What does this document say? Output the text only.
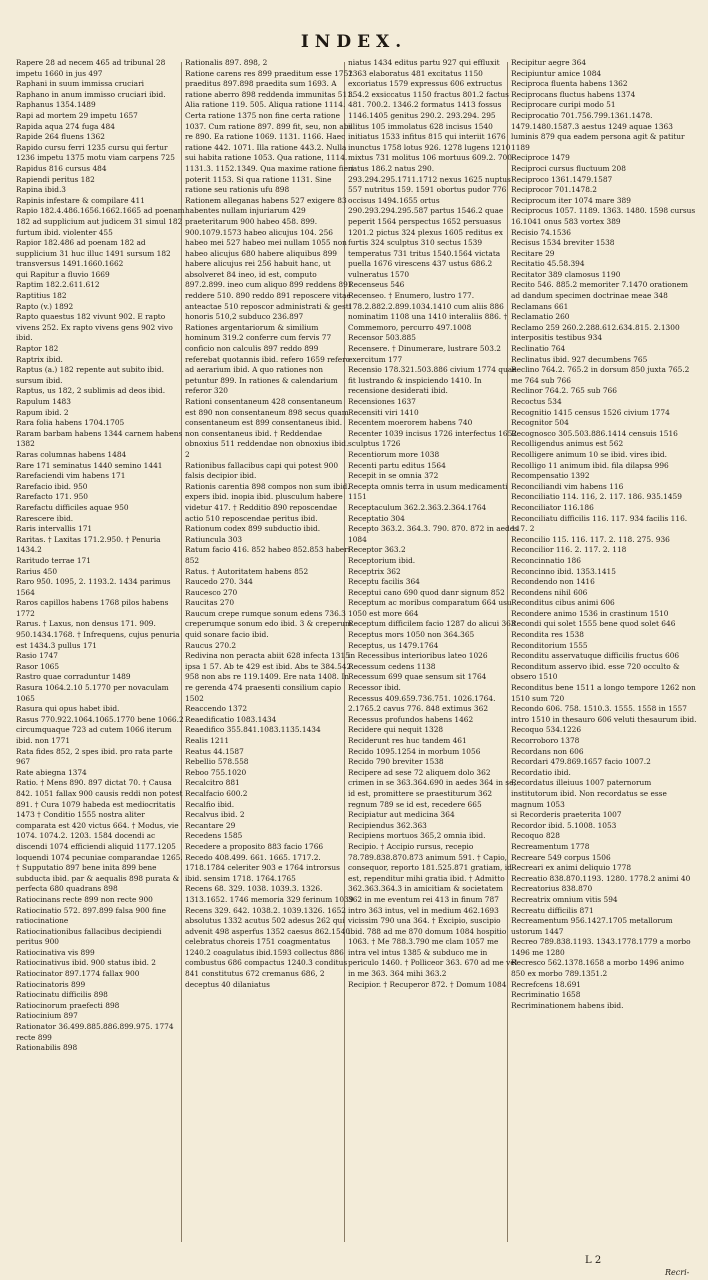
INDEX.

Rapere 28 ad necem 465 ad tribunal 28 impetu 1660 in jus 497

Raphani in suum immissa cruciari

Raphano in anum immisso cruciari ibid.

Raphanus 1354.1489

Rapi ad mortem 29 impetu 1657

Rapida aqua 274 fuga 484

Rapide 264 fluens 1362

Rapido cursu ferri 1235 cursu qui fertur 1236 impetu 1375 motu viam carpens 725

Rapidus 816 cursus 484

Rapiendi peritus 182

Rapina ibid.3

Rapinis infestare & compilare 411

Rapio 182.4.486.1656.1662.1665 ad poenam 182 ad supplicium aut judicem 31 simul 182 furtum ibid. violenter 455

Rapior 182.486 ad poenam 182 ad supplicium 31 huc illuc 1491 sursum 182 transversus 1491.1660.1662

qui Rapitur a fluvio 1669

Raptim 182.2.611.612

Raptitius 182

Rapto (v.) 1892

Rapto quaestus 182 vivunt 902. E rapto vivens 252. Ex rapto vivens gens 902 vivo ibid.

Raptor 182

Raptrix ibid.

Raptus (a.) 182 repente aut subito ibid. sursum ibid.

Raptus, us 182, 2 sublimis ad deos ibid.

Rapulum 1483

Rapum ibid. 2

Rara folia habens 1704.1705

Raram barbam habens 1344 carnem habens 1382

Raras columnas habens 1484

Rare 171 seminatus 1440 semino 1441

Rarefaciendi vim habens 171

Rarefacio ibid. 950

Rarefacto 171. 950

Rarefactu difficiles aquae 950

Rarescere ibid.

Raris intervallis 171

Raritas. † Laxitas 171.2.950. † Penuria 1434.2

Raritudo terrae 171

Rarius 450

Raro 950. 1095, 2. 1193.2. 1434 parimus 1564

Raros capillos habens 1768 pilos habens 1772

Rarus. † Laxus, non densus 171. 909. 950.1434.1768. † Infrequens, cujus penuria est 1434.3 pullus 171

Rasio 1747

Rasor 1065

Rastro quae corraduntur 1489

Rasura 1064.2.10 5.1770 per novaculam 1065

Rasura qui opus habet ibid.

Rasus 770.922.1064.1065.1770 bene 1066.2 circumquaque 723 ad cutem 1066 iterum ibid. non 1771

Rata fides 852, 2 spes ibid. pro rata parte 967

Rate abiegna 1374

Ratio. † Mens 890. 897 dictat 70. † Causa 842. 1051 fallax 900 causis reddi non potest 891. † Cura 1079 habeda est mediocritatis 1473 † Conditio 1555 nostra aliter comparata est 420 victus 664. † Modus, vie 1074. 1074.2. 1203. 1584 docendi ac discendi 1074 efficiendi aliquid 1177.1205 loquendi 1074 pecuniae comparandae 1265. † Supputatio 897 bene inita 899 bene subducta ibid. par & aequalis 898 purata & perfecta 680 quadrans 898

Ratiocinans recte 899 non recte 900

Ratiocinatio 572. 897.899 falsa 900 fine ratiocinatione

Ratiocinationibus fallacibus decipiendi peritus 900

Ratiocinativa vis 899

Ratiocinativus ibid. 900 status ibid. 2

Ratiocinator 897.1774 fallax 900

Ratiocinatoris 899

Ratiocinatu difficilis 898

Ratiocinorum praefecti 898

Ratiocinium 897

Rationator 36.499.885.886.899.975. 1774 recte 899

Rationabilis 898

Rationalis 897. 898, 2

Ratione carens res 899 praeditum esse 1752 praeditus 897.898 praedita sum 1693. A ratione aberro 898 reddenda immunitas 511. Alia ratione 119. 505. Aliqua ratione 1114. Certa ratione 1375 non fine certa ratione 1037. Cum ratione 897. 899 fit, seu, non abs re 890. Ea ratione 1069. 1131. 1166. Haec ratione 442. 1071. Illa ratione 443.2. Nulla sui habita ratione 1053. Qua ratione, 1114. 1131.3. 1152.1349. Qua maxime ratione fieri poterit 1153. Si qua ratione 1131. Sine ratione seu rationis ufu 898

Rationem alleganas habens 527 exigere 83 habentes nullam injuriarum 429 praeteritarum 900 habeo 458. 899. 900.1079.1573 habeo alicujus 104. 256 habeo mei 527 habeo mei nullam 1055 non habeo alicujus 680 habere aliquibus 899 habere alicujus rei 256 habuit hanc, ut absolveret 84 ineo, id est, computo 897.2.899. ineo cum aliquo 899 reddens 891 reddere 510. 890 reddo 891 reposcere vitae anteactae 510 reposcor administrati & gesti honoris 510,2 subduco 236.897

Rationes argentariorum & similium hominum 319.2 conferre cum fervis 77 conficio non calculis 897 reddo 899 referebat quotannis ibid. refero 1659 refero ad aerarium ibid. A quo rationes non petuntur 899. In rationes & calendarium referor 320

Rationi consentaneum 428 consentaneum est 890 non consentaneum 898 secus quam consentaneum est 899 consentaneus ibid. non consentaneus ibid. † Reddendae obnoxius 511 reddendae non obnoxius ibid. 2

Rationibus fallacibus capi qui potest 900 falsis decipior ibid.

Rationis carentia 898 compos non sum ibid. expers ibid. inopia ibid. plusculum habere videtur 417. † Redditio 890 reposcendae actio 510 reposcendae peritus ibid.

Rationum codex 899 subductio ibid.

Ratiuncula 303

Ratum facio 416. 852 habeo 852.853 haberi 852

Ratus. † Autoritatem habens 852

Raucedo 270. 344

Raucesco 270

Raucitas 270

Raucum crepe rumque sonum edens 736.3 creperumque sonum edo ibid. 3 & creperum quid sonare facio ibid.

Raucus 270.2

Redivina non peracta abiit 628 infecta 1315 ipsa 1 57. Ab te 429 est ibid. Abs te 384.542. 958 non abs re 119.1409. Ere nata 1408. In re gerenda 474 praesenti consilium capio 1502

Reaccendo 1372

Reaedificatio 1083.1434

Reaedifico 355.841.1083.1135.1434

Realis 1211

Reatus 44.1587

Rebellio 578.558

Reboo 755.1020

Recalcitro 881

Recalfacio 600.2

Recalfio ibid.

Recalvus ibid. 2

Recantare 29

Recedens 1585

Recedere a proposito 883 facio 1766

Recedo 408.499. 661. 1665. 1717.2. 1718.1784 celeriter 903 e 1764 introrsus ibid. sensim 1718. 1764.1765

Recens 68. 329. 1038. 1039.3. 1326. 1313.1652. 1746 memoria 329 ferinum 1039

Recens 329. 642. 1038.2. 1039.1326. 1652 absolutus 1332 acutus 502 adesus 262 qui advenit 498 asperfus 1352 caesus 862.1540 celebratus choreis 1751 coagmentatus 1240.2 coagulatus ibid.1593 collectus 886 combustus 686 compactus 1240.3 conditus 841 constitutus 672 cremanus 686, 2 deceptus 40 dilaniatus

niatus 1434 editus partu 927 qui effluxit 1363 elaboratus 481 excitatus 1150 excoriatus 1579 expressus 606 extructus 354.2 exsiccatus 1150 fractus 801.2 factus 481. 700.2. 1346.2 formatus 1413 fossus 1146.1405 genitus 290.2. 293.294. 295 illitus 105 immolatus 628 incisus 1540 initiatus 1533 infitus 815 qui interiit 1676 inunctus 1758 lotus 926. 1278 lugens 1210 mixtus 731 molitus 106 mortuus 609.2. 700 natus 186.2 natus 290. 293.294.295.1711.1712 nexus 1625 nuptus 557 nutritus 159. 1591 obortus pudor 776 occisus 1494.1655 ortus 290.293.294.295.587 partus 1546.2 quae peperit 1564 perspectus 1652 persuasus 1201.2 pictus 324 plexus 1605 reditus ex furtis 324 sculptus 310 sectus 1539 temperatus 731 tritus 1540.1564 victata puella 1676 virescens 437 ustus 686.2 vulneratus 1570

Recenseus 546

Recenseo. † Enumero, lustro 177. 178.2.882.2.899.1034.1410 cum aliis 886 nominatim 1108 una 1410 interaliis 886. † Commemoro, percurro 497.1008

Recensor 503.885

Recensere. † Dinumerare, lustrare 503.2 exercitum 177

Recensio 178.321.503.886 civium 1774 quae fit lustrando & inspiciendo 1410. In recensione desiderati ibid.

Recensiones 1637

Recensiti viri 1410

Recentem moerorem habens 740

Recenter 1039 incisus 1726 interfectus 1652 sculptus 1726

Recentiorum more 1038

Recenti partu editus 1564

Recepit in se omnia 372

Recepta omnis terra in usum medicamenti 1151

Receptaculum 362.2.363.2.364.1764

Receptatio 304

Recepto 363.2. 364.3. 790. 870. 872 in aedes 1084

Receptor 363.2

Receptorium ibid.

Receptrix 362

Receptu facilis 364

Receptui cano 690 quod danr signum 852

Receptum ac moribus comparatum 664 usu 1050 est more 664

Receptum difficilem facio 1287 do alicui 363

Receptus mors 1050 non 364.365

Receptus, us 1479.1764

in Recessibus interioribus lateo 1026

Recessum cedens 1138

Recessum 699 quae sensum sit 1764

Recessor ibid.

Recessus 409.659.736.751. 1026.1764. 2.1765.2 cavus 776. 848 extimus 362

Recessus profundos habens 1462

Recidere qui nequit 1328

Reciderunt res huc tandem 461

Recido 1095.1254 in morbum 1056

Recido 790 breviter 1538

Recipere ad sese 72 aliquem dolo 362 crimen in se 363.364.690 in aedes 364 in se, id est, promittere se praestiturum 362 regnum 789 se id est, recedere 665

Recipiatur aut medicina 364

Recipiendus 362.363

Recipiens mortuos 365,2 omnia ibid.

Recipio. † Accipio rursus, recepio 78.789.838.870.873 animum 591. † Capio, consequor, reporto 181.525.871 gratiam, id est, rependitur mihi gratia ibid. † Admitto 362.363.364.3 in amicitiam & societatem 362 in me eventum rei 413 in finum 787 intro 363 intus, vel in medium 462.1693 vicissim 790 una 364. † Excipio, suscipio ibid. 788 ad me 870 domum 1084 hospitio 1063. † Me 788.3.790 me clam 1057 me intra vel intus 1385 & subduco me in periculo 1460. † Polliceor 363. 670 ad me vel in me 363. 364 mihi 363.2

Recipior. † Recuperor 872. † Domum 1084

Recipitur aegre 364

Recipiuntur amice 1084

Reciproca fluenta habens 1362

Reciprocans fluctus habens 1374

Reciprocare curipi modo 51

Reciprocatio 701.756.799.1361.1478. 1479.1480.1587.3 aestus 1249 aquae 1363 luminis 879 qua eadem persona agit & patitur 1189

Reciproce 1479

Reciproci cursus fluctuum 208

Reciproco 1361.1479.1587

Reciprocor 701.1478.2

Reciprocum iter 1074 mare 389

Reciprocus 1057. 1189. 1363. 1480. 1598 cursus 16.1041 onus 583 vortex 389

Recisio 74.1536

Recisus 1534 breviter 1538

Recitare 29

Recitatio 45.58.394

Recitator 389 clamosus 1190

Recito 546. 885.2 memoriter 7.1470 orationem ad dandum specimen doctrinae meae 348

Reclamans 661

Reclamatio 260

Reclamo 259 260.2.288.612.634.815. 2.1300 interpositis testibus 934

Reclinatio 764

Reclinatus ibid. 927 decumbens 765

Reclino 764.2. 765.2 in dorsum 850 juxta 765.2 me 764 sub 766

Reclinor 764.2. 765 sub 766

Recoctus 534

Recognitio 1415 census 1526 civium 1774

Recognitor 504

Recognosco 305.503.886.1414 censuis 1516

Recolligendus animus est 562

Recolligere animum 10 se ibid. vires ibid.

Recolligo 11 animum ibid. fila dilapsa 996

Recompensatio 1392

Reconciliandi vim habens 116

Reconciliatio 114. 116, 2. 117. 186. 935.1459

Reconciliator 116.186

Reconciliatu difficilis 116. 117. 934 facilis 116. 117. 2

Reconcilio 115. 116. 117. 2. 118. 275. 936

Reconcilior 116. 2. 117. 2. 118

Reconcinnatio 186

Reconcinno ibid. 1353.1415

Recondendo non 1416

Recondens nihil 606

Reconditus cibus animi 606

Recondere animo 1536 in crastinum 1510

Recondi qui solet 1555 bene quod solet 646

Recondita res 1538

Reconditorium 1555

Reconditu asservatuque difficilis fructus 606

Reconditum asservo ibid. esse 720 occulto & obsero 1510

Reconditus bene 1511 a longo tempore 1262 non 1510 sum 720

Recondo 606. 758. 1510.3. 1555. 1558 in 1557 intro 1510 in thesauro 606 veluti thesaurum ibid.

Recoquo 534.1226

Recorroboro 1378

Recordans non 606

Recordari 479.869.1657 facio 1007.2

Recordatio ibid.

Recordatus illeiuus 1007 paternorum institutorum ibid. Non recordatus se esse magnum 1053

si Recorderis praeterita 1007

Recordor ibid. 5.1008. 1053

Recoquo 828

Recreamentum 1778

Recreare 549 corpus 1506

Recreari ex animi deliquio 1778

Recreatio 838.870.1193. 1280. 1778.2 animi 40

Recreatorius 838.870

Recreatrix omnium vitis 594

Recreatu difficilis 871

Recreamentum 956.1427.1705 metallorum ustorum 1447

Recreo 789.838.1193. 1343.1778.1779 a morbo 1496 me 1280

Recresco 562.1378.1658 a morbo 1496 animo 850 ex morbo 789.1351.2

Recrefcens 18.691

Recriminatio 1658

Recriminationem habens ibid.

L 2
Recri-
